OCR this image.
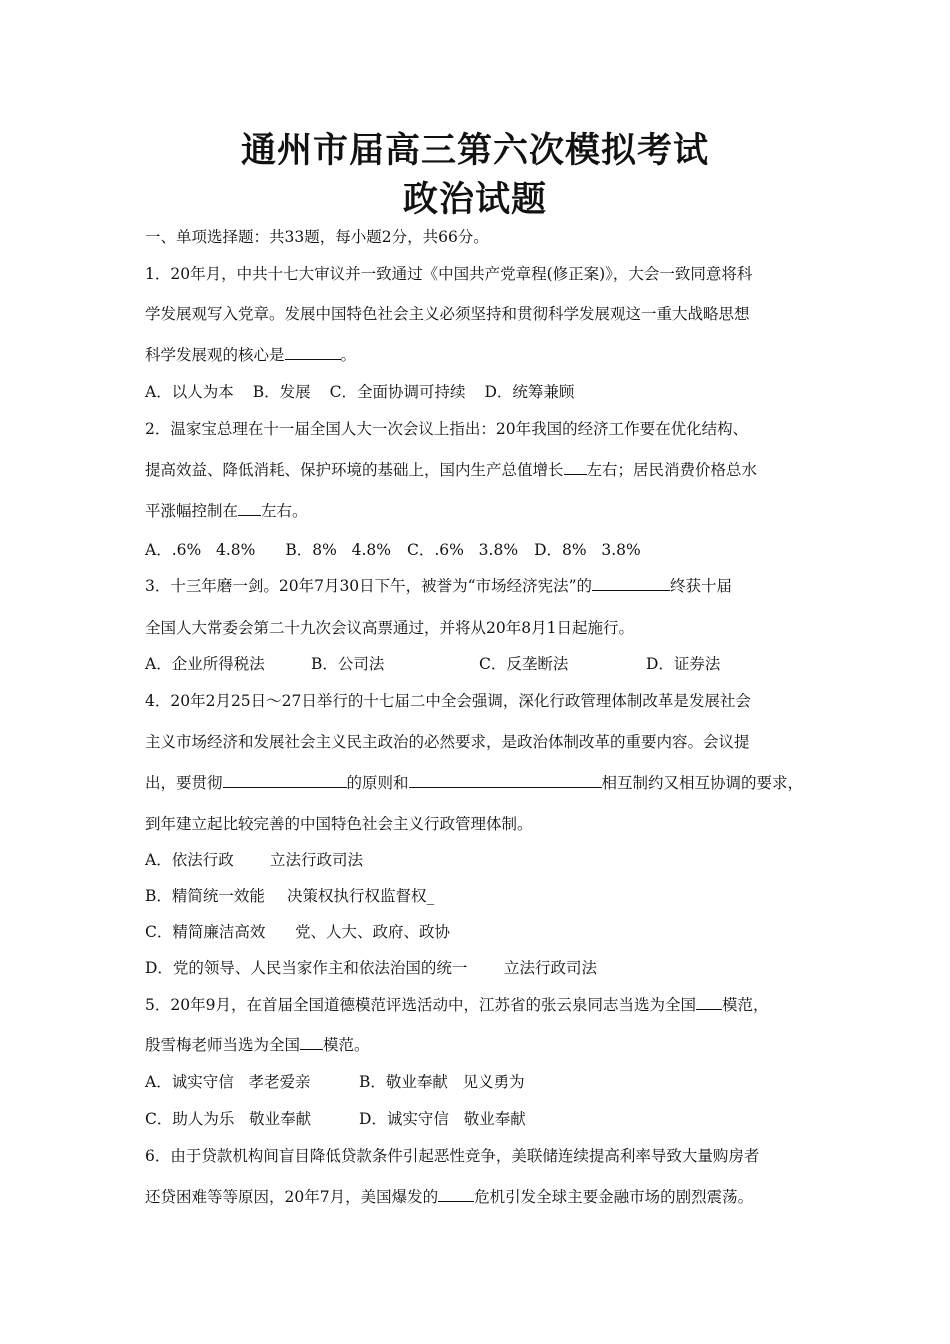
通州市届高三第六次模拟考试
政治试题
一、单项选择题：共33题，每小题2分，共66分。
1．20年月，中共十七大审议并一致通过《中国共产党章程(修正案)》，大会一致同意将科
学发展观写入党章。发展中国特色社会主义必须坚持和贯彻科学发展观这一重大战略思想
科学发展观的核心是	。
A．以人为本 B．发展 C．全面协调可持续 D．统筹兼顾
2．温家宝总理在十一届全国人大一次会议上指出：20年我国的经济工作要在优化结构、
提高效益、降低消耗、保护环境的基础上，国内生产总值增长 左右；居民消费价格总水
平涨幅控制在 左右。
A．.6%   4.8% B．8%   4.8% C．.6%   3.8% D．8%   3.8%
3．十三年磨一剑。20年7月30日下午，被誉为“市场经济宪法”的	终获十届
全国人大常委会第二十九次会议高票通过，并将从20年8月1日起施行。
A．企业所得税法	B．公司法	C．反垄断法	D．证券法
4．20年2月25日～27日举行的十七届二中全会强调，深化行政管理体制改革是发展社会
主义市场经济和发展社会主义民主政治的必然要求，是政治体制改革的重要内容。会议提
出，要贯彻	的原则和	相互制约又相互协调的要求，
到年建立起比较完善的中国特色社会主义行政管理体制。
A．依法行政 立法行政司法
B．精简统一效能 决策权执行权监督权_
C．精简廉洁高效 党、人大、政府、政协
D．党的领导、人民当家作主和依法治国的统一 立法行政司法
5．20年9月，在首届全国道德模范评选活动中，江苏省的张云泉同志当选为全国 模范，
殷雪梅老师当选为全国 模范。
A．诚实守信   孝老爱亲	B．敬业奉献   见义勇为
C．助人为乐   敬业奉献	D．诚实守信   敬业奉献
6．由于贷款机构间盲目降低贷款条件引起恶性竞争，美联储连续提高利率导致大量购房者
还贷困难等等原因，20年7月，美国爆发的 危机引发全球主要金融市场的剧烈震荡。
